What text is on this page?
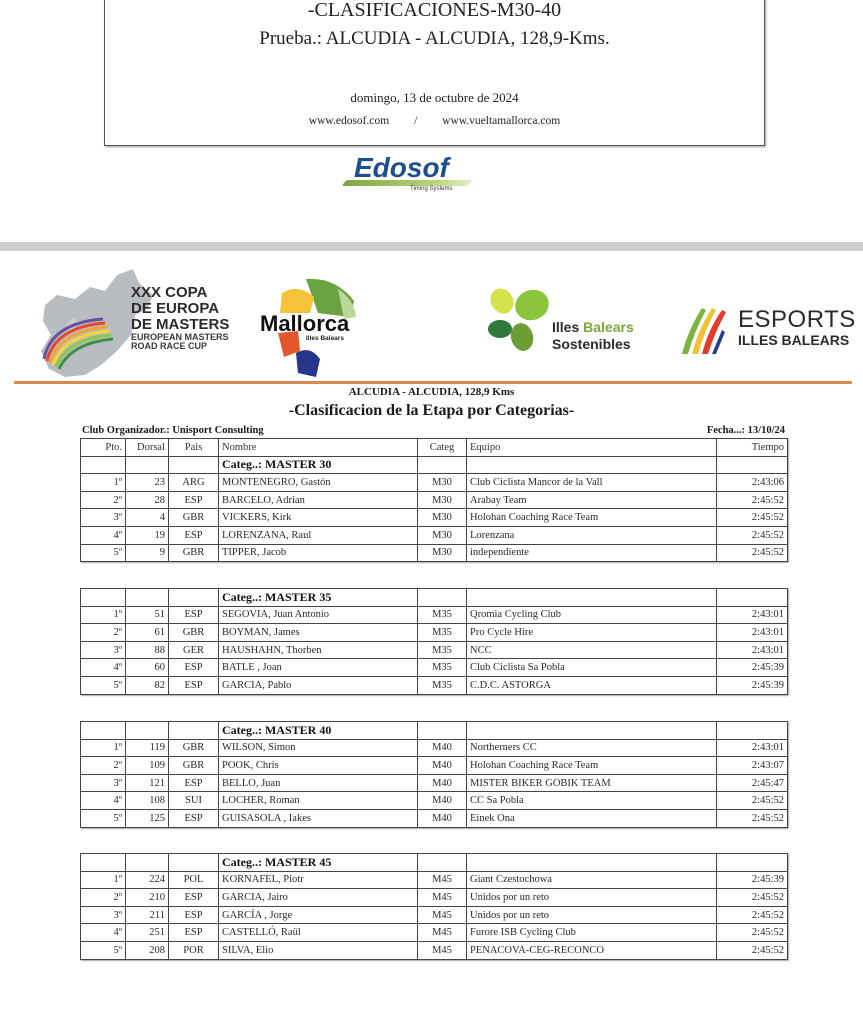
-CLASIFICACIONES-M30-40
Prueba.: ALCUDIA - ALCUDIA, 128,9-Kms.
domingo, 13 de octubre de 2024
www.edosof.com / www.vueltamallorca.com
Edosof
Timing Systems
XXX COPA
DE EUROPA
DE MASTERS
EUROPEAN MASTERS
ROAD RACE CUP
Mallorca
Illes Balears
Illes Balears
Sostenibles
ESPORTS
ILLES BALEARS
ALCUDIA - ALCUDIA, 128,9 Kms
-Clasificacion de la Etapa por Categorias-
Club Organizador.: Unisport Consulting	Fecha...: 13/10/24
Pto.	Dorsal	Pais	Nombre	Categ	Equipo	Tiempo
			Categ..: MASTER 30			
1º	23	ARG	MONTENEGRO, Gastón	M30	Club Ciclista Mancor de la Vall	2:43:06
2º	28	ESP	BARCELO, Adrian	M30	Arabay Team	2:45:52
3º	4	GBR	VICKERS, Kirk	M30	Holohan Coaching Race Team	2:45:52
4º	19	ESP	LORENZANA, Raul	M30	Lorenzana	2:45:52
5º	9	GBR	TIPPER, Jacob	M30	independiente	2:45:52
			Categ..: MASTER 35			
1º	51	ESP	SEGOVIA, Juan Antonio	M35	Qromia Cycling Club	2:43:01
2º	61	GBR	BOYMAN, James	M35	Pro Cycle Hire	2:43:01
3º	88	GER	HAUSHAHN, Thorben	M35	NCC	2:43:01
4º	60	ESP	BATLE , Joan	M35	Club Ciclista Sa Pobla	2:45:39
5º	82	ESP	GARCIA, Pablo	M35	C.D.C. ASTORGA	2:45:39
			Categ..: MASTER 40			
1º	119	GBR	WILSON, Simon	M40	Northerners CC	2:43:01
2º	109	GBR	POOK, Chris	M40	Holohan Coaching Race Team	2:43:07
3º	121	ESP	BELLO, Juan	M40	MISTER BIKER GOBIK TEAM	2:45:47
4º	108	SUI	LOCHER, Roman	M40	CC Sa Pobla	2:45:52
5º	125	ESP	GUISASOLA , Iakes	M40	Einek Ona	2:45:52
			Categ..: MASTER 45			
1º	224	POL	KORNAFEL, Piotr	M45	Giant Czestochowa	2:45:39
2º	210	ESP	GARCIA, Jairo	M45	Unidos por un reto	2:45:52
3º	211	ESP	GARCÍA , Jorge	M45	Unidos por un reto	2:45:52
4º	251	ESP	CASTELLÓ, Raül	M45	Furore ISB Cycling Club	2:45:52
5º	208	POR	SILVA, Elio	M45	PENACOVA-CEG-RECONCO	2:45:52
